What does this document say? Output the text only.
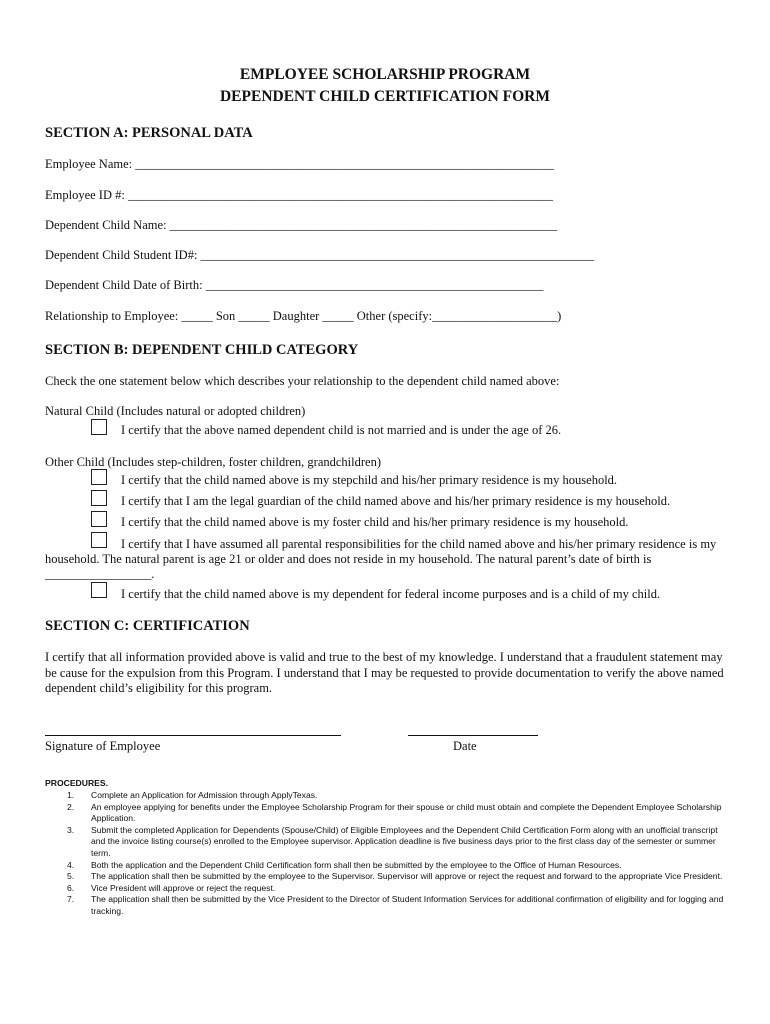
EMPLOYEE SCHOLARSHIP PROGRAM
DEPENDENT CHILD CERTIFICATION FORM
SECTION A: PERSONAL DATA
Employee Name: ___________________________________________________________________
Employee ID #: ____________________________________________________________________
Dependent Child Name: ______________________________________________________________
Dependent Child Student ID#: _______________________________________________________________
Dependent Child Date of Birth: ______________________________________________________
Relationship to Employee: _____ Son _____ Daughter _____ Other (specify:____________________)
SECTION B: DEPENDENT CHILD CATEGORY
Check the one statement below which describes your relationship to the dependent child named above:
Natural Child (Includes natural or adopted children)
I certify that the above named dependent child is not married and is under the age of 26.
Other Child (Includes step-children, foster children, grandchildren)
I certify that the child named above is my stepchild and his/her primary residence is my household.
I certify that I am the legal guardian of the child named above and his/her primary residence is my household.
I certify that the child named above is my foster child and his/her primary residence is my household.
I certify that I have assumed all parental responsibilities for the child named above and his/her primary residence is my
household. The natural parent is age 21 or older and does not reside in my household. The natural parent’s date of birth is
_________________.
I certify that the child named above is my dependent for federal income purposes and is a child of my child.
SECTION C: CERTIFICATION
I certify that all information provided above is valid and true to the best of my knowledge. I understand that a fraudulent statement may be cause for the expulsion from this Program. I understand that I may be requested to provide documentation to verify the above named dependent child’s eligibility for this program.
Signature of Employee	Date
PROCEDURES.
1. Complete an Application for Admission through ApplyTexas.
2. An employee applying for benefits under the Employee Scholarship Program for their spouse or child must obtain and complete the Dependent Employee Scholarship Application.
3. Submit the completed Application for Dependents (Spouse/Child) of Eligible Employees and the Dependent Child Certification Form along with an unofficial transcript and the invoice listing course(s) enrolled to the Employee supervisor. Application deadline is five business days prior to the first class day of the semester or summer term.
4. Both the application and the Dependent Child Certification form shall then be submitted by the employee to the Office of Human Resources.
5. The application shall then be submitted by the employee to the Supervisor. Supervisor will approve or reject the request and forward to the appropriate Vice President.
6. Vice President will approve or reject the request.
7. The application shall then be submitted by the Vice President to the Director of Student Information Services for additional confirmation of eligibility and for logging and tracking.
